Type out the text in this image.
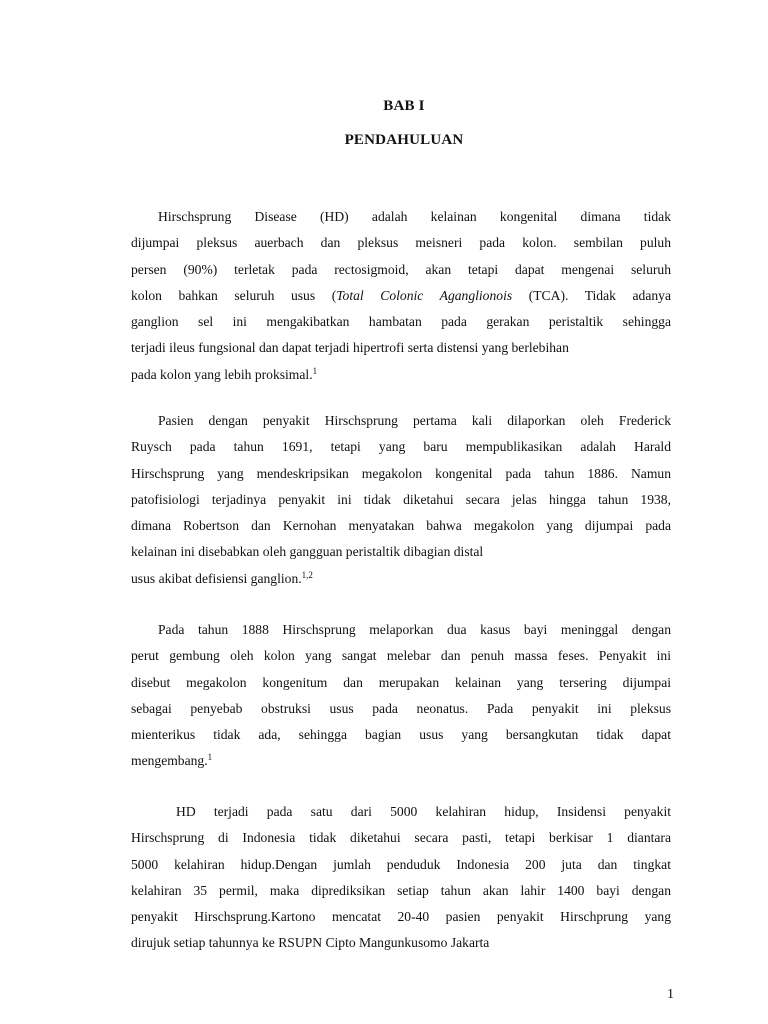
BAB I
PENDAHULUAN
Hirschsprung Disease (HD) adalah kelainan kongenital dimana tidak
dijumpai pleksus auerbach dan pleksus meisneri pada kolon. sembilan puluh
persen (90%) terletak pada rectosigmoid, akan tetapi dapat mengenai seluruh
kolon bahkan seluruh usus (Total Colonic Aganglionois (TCA). Tidak adanya
ganglion sel ini mengakibatkan hambatan pada gerakan peristaltik sehingga
terjadi ileus fungsional dan dapat terjadi hipertrofi serta distensi yang berlebihan
pada kolon yang lebih proksimal.$^1$
Pasien dengan penyakit Hirschsprung pertama kali dilaporkan oleh Frederick
Ruysch pada tahun 1691, tetapi yang baru mempublikasikan adalah Harald
Hirschsprung yang mendeskripsikan megakolon kongenital pada tahun 1886. Namun
patofisiologi terjadinya penyakit ini tidak diketahui secara jelas hingga tahun 1938,
dimana Robertson dan Kernohan menyatakan bahwa megakolon yang dijumpai pada
kelainan ini disebabkan oleh gangguan peristaltik dibagian distal
usus akibat defisiensi ganglion.$^{1,2}$
Pada tahun 1888 Hirschsprung melaporkan dua kasus bayi meninggal dengan
perut gembung oleh kolon yang sangat melebar dan penuh massa feses. Penyakit ini
disebut megakolon kongenitum dan merupakan kelainan yang tersering dijumpai
sebagai penyebab obstruksi usus pada neonatus. Pada penyakit ini pleksus
mienterikus tidak ada, sehingga bagian usus yang bersangkutan tidak dapat
mengembang.$^1$
HD terjadi pada satu dari 5000 kelahiran hidup, Insidensi penyakit
Hirschsprung di Indonesia tidak diketahui secara pasti, tetapi berkisar 1 diantara
5000 kelahiran hidup.Dengan jumlah penduduk Indonesia 200 juta dan tingkat
kelahiran 35 permil, maka diprediksikan setiap tahun akan lahir 1400 bayi dengan
penyakit Hirschsprung.Kartono mencatat 20-40 pasien penyakit Hirschprung yang
dirujuk setiap tahunnya ke RSUPN Cipto Mangunkusomo Jakarta
1
